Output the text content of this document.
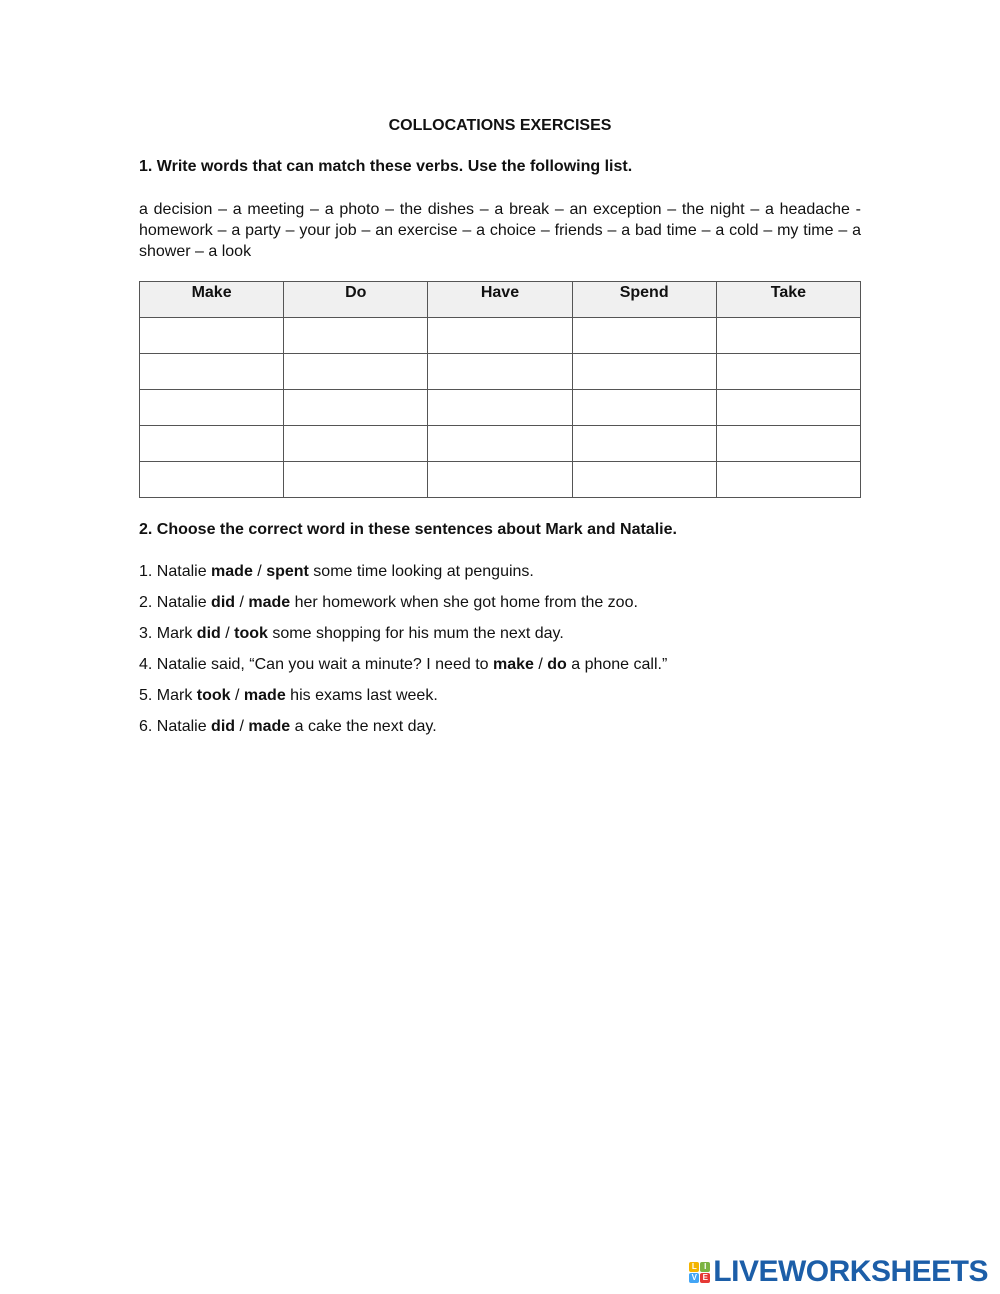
COLLOCATIONS EXERCISES
1. Write words that can match these verbs. Use the following list.
a decision – a meeting – a photo – the dishes – a break – an exception – the night – a headache - homework – a party – your job – an exercise – a choice – friends – a bad time – a cold – my time – a shower – a look
Make	Do	Have	Spend	Take

2. Choose the correct word in these sentences about Mark and Natalie.
1. Natalie made / spent some time looking at penguins.
2. Natalie did / made her homework when she got home from the zoo.
3. Mark did / took some shopping for his mum the next day.
4. Natalie said, “Can you wait a minute? I need to make / do a phone call.”
5. Mark took / made his exams last week.
6. Natalie did / made a cake the next day.
L I
V E LIVEWORKSHEETS
